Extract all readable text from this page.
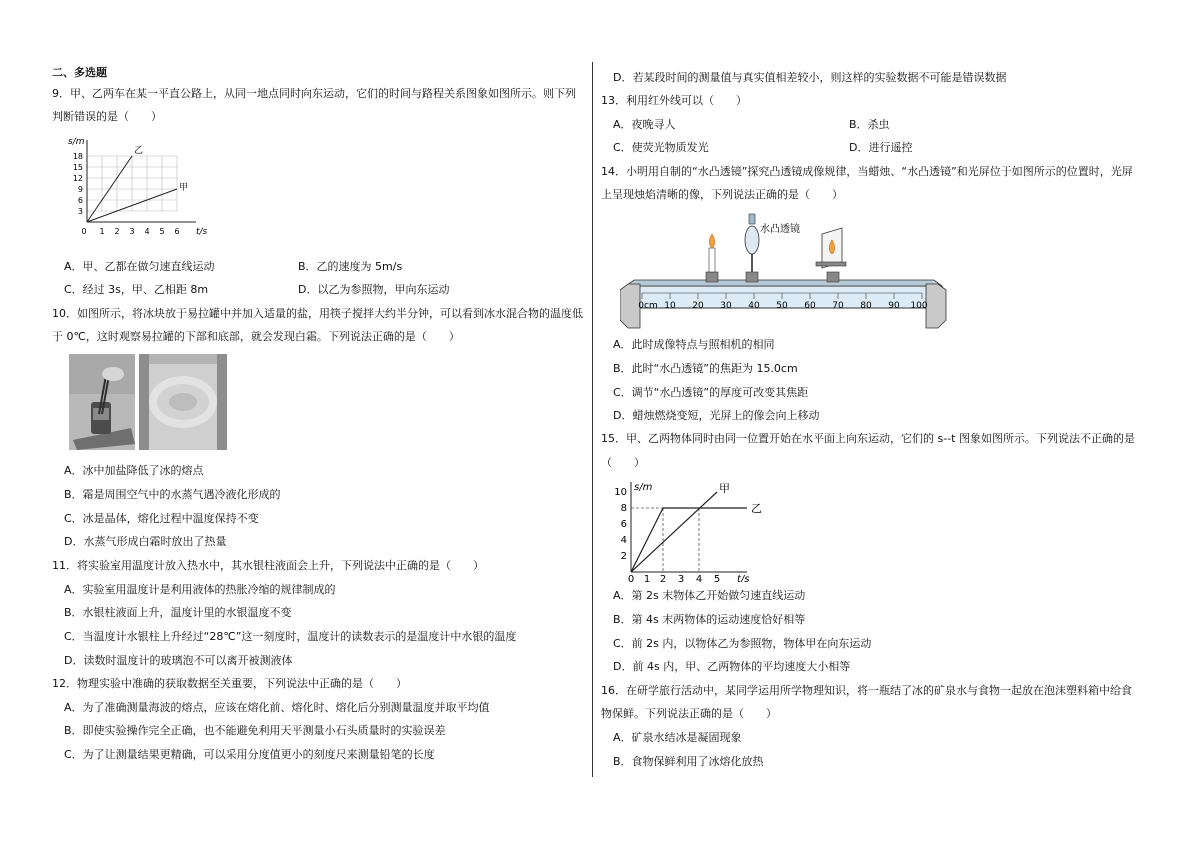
二、多选题
9．甲、乙两车在某一平直公路上，从同一地点同时向东运动，它们的时间与路程关系图象如图所示。则下列
判断错误的是（　　）
s/m
t/s
乙
甲
3
6
9
12
15
18
0 1 2 3 4 5 6
A．甲、乙都在做匀速直线运动	B．乙的速度为 5m/s
C．经过 3s，甲、乙相距 8m	D．以乙为参照物，甲向东运动
10．如图所示，将冰块放于易拉罐中并加入适量的盐，用筷子搅拌大约半分钟，可以看到冰水混合物的温度低
于 0℃，这时观察易拉罐的下部和底部，就会发现白霜。下列说法正确的是（　　）
A．冰中加盐降低了冰的熔点
B．霜是周围空气中的水蒸气遇冷液化形成的
C．冰是晶体，熔化过程中温度保持不变
D．水蒸气形成白霜时放出了热量
11．将实验室用温度计放入热水中，其水银柱液面会上升，下列说法中正确的是（　　）
A．实验室用温度计是利用液体的热胀冷缩的规律制成的
B．水银柱液面上升，温度计里的水银温度不变
C．当温度计水银柱上升经过“28℃”这一刻度时，温度计的读数表示的是温度计中水银的温度
D．读数时温度计的玻璃泡不可以离开被测液体
12．物理实验中准确的获取数据至关重要，下列说法中正确的是（　　）
A．为了准确测量海波的熔点，应该在熔化前、熔化时、熔化后分别测量温度并取平均值
B．即使实验操作完全正确，也不能避免利用天平测量小石头质量时的实验误差
C．为了让测量结果更精确，可以采用分度值更小的刻度尺来测量铅笔的长度
D．若某段时间的测量值与真实值相差较小，则这样的实验数据不可能是错误数据
13．利用红外线可以（　　）
A．夜晚寻人	B．杀虫
C．使荧光物质发光	D．进行遥控
14．小明用自制的“水凸透镜”探究凸透镜成像规律，当蜡烛、“水凸透镜”和光屏位于如图所示的位置时，光屏
上呈现烛焰清晰的像，下列说法正确的是（　　）
0cm 10 20 30 40 50 60 70 80 90 100
水凸透镜
A．此时成像特点与照相机的相同
B．此时“水凸透镜”的焦距为 15.0cm
C．调节“水凸透镜”的厚度可改变其焦距
D．蜡烛燃烧变短，光屏上的像会向上移动
15．甲、乙两物体同时由同一位置开始在水平面上向东运动，它们的 s--t 图象如图所示。下列说法不正确的是
（　　）
s/m
t/s
甲
乙
2
4
6
8
10
0 1 2 3 4 5
A．第 2s 末物体乙开始做匀速直线运动
B．第 4s 末两物体的运动速度恰好相等
C．前 2s 内，以物体乙为参照物，物体甲在向东运动
D．前 4s 内，甲、乙两物体的平均速度大小相等
16．在研学旅行活动中，某同学运用所学物理知识，将一瓶结了冰的矿泉水与食物一起放在泡沫塑料箱中给食
物保鲜。下列说法正确的是（　　）
A．矿泉水结冰是凝固现象
B．食物保鲜利用了冰熔化放热
